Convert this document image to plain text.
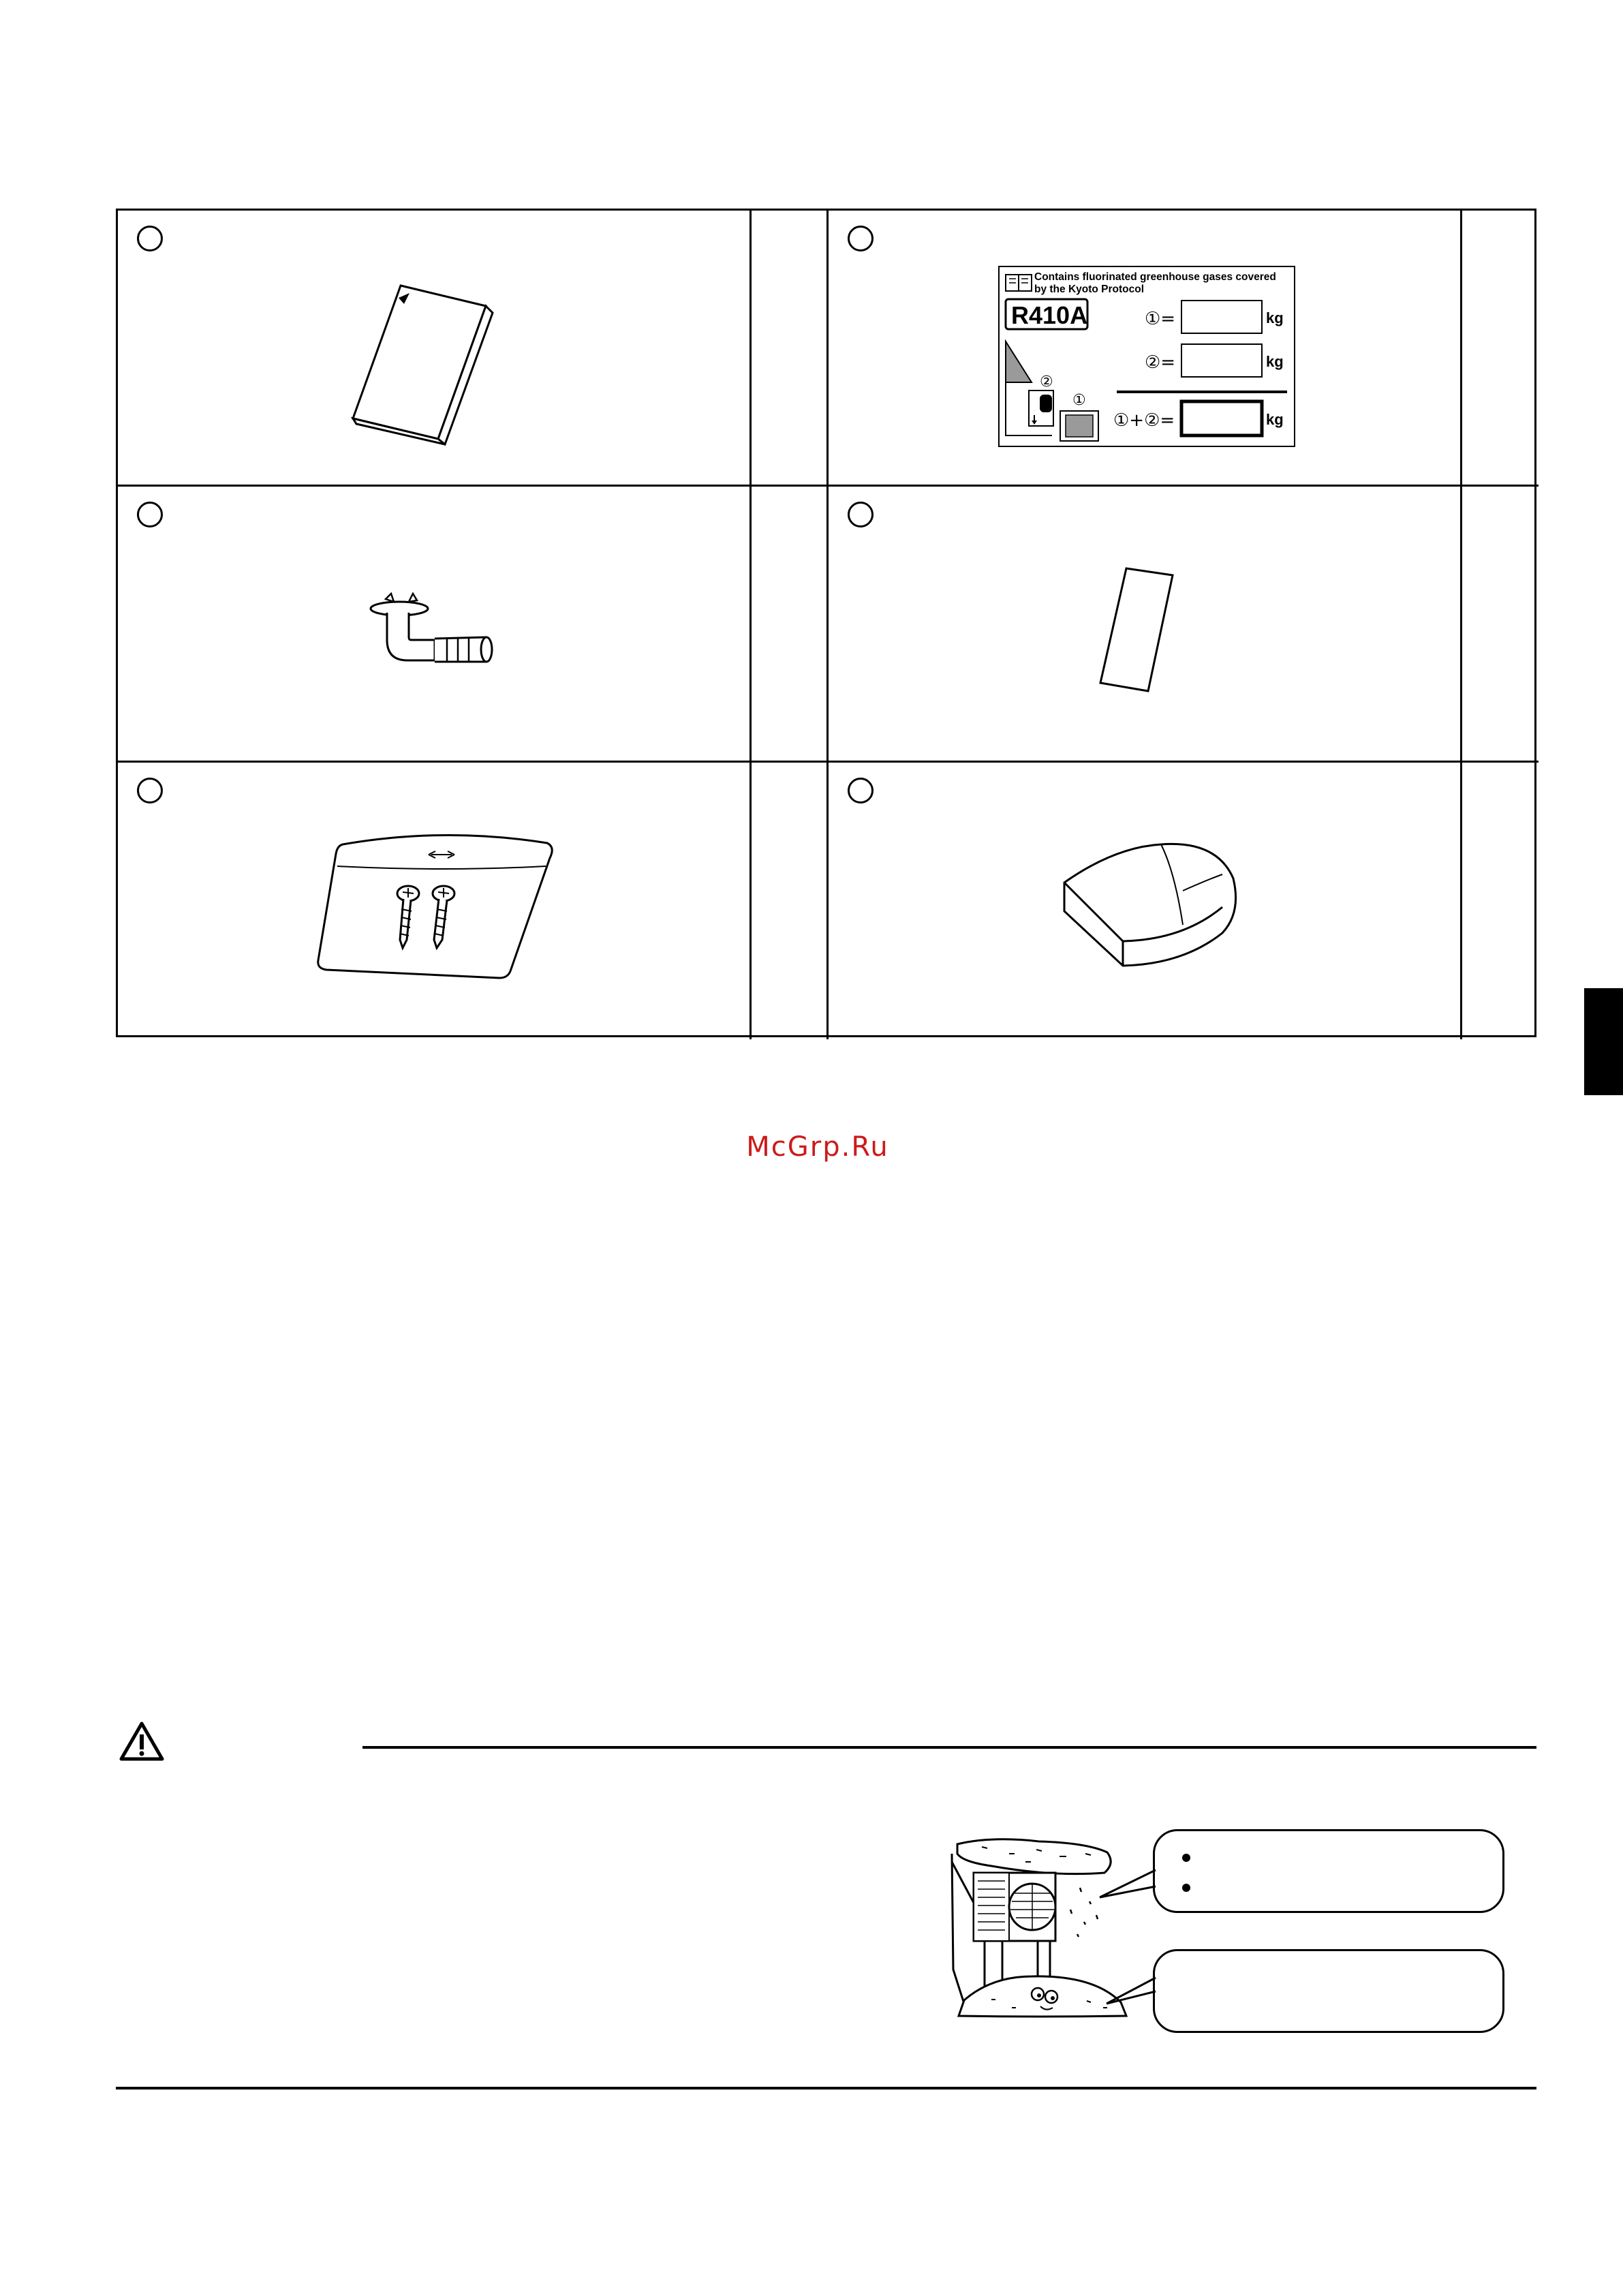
Contains fluorinated greenhouse gases covered
by the Kyoto Protocol
R410A	①=	kg
②=	kg
①+②=	kg
②
①
McGrp.Ru
